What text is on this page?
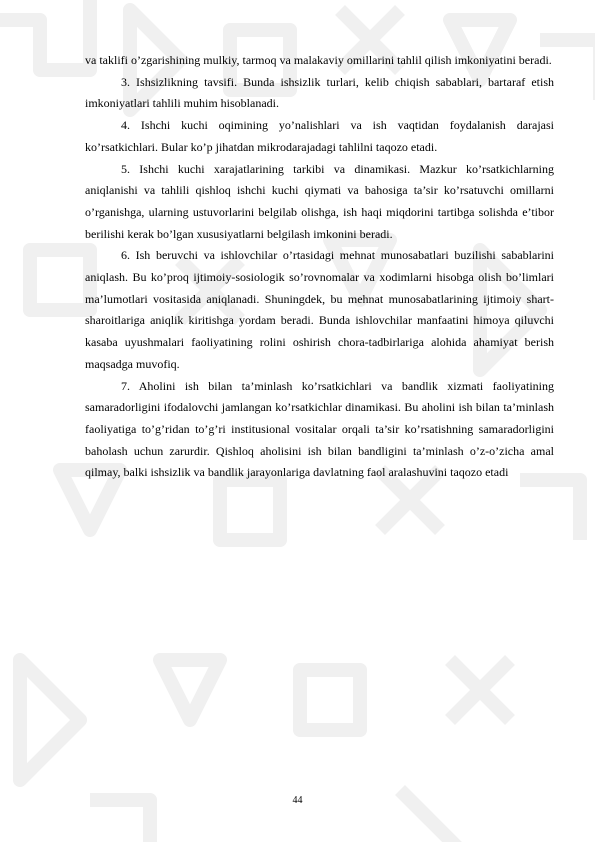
va taklifi o’zgarishining mulkiy, tarmoq va malakaviy omillarini tahlil qilish imkoniyatini beradi.

3. Ishsizlikning tavsifi. Bunda ishsizlik turlari, kelib chiqish sabablari, bartaraf etish imkoniyatlari tahlili muhim hisoblanadi.

4. Ishchi kuchi oqimining yo’nalishlari va ish vaqtidan foydalanish darajasi ko’rsatkichlari. Bular ko’p jihatdan mikrodarajadagi tahlilni taqozo etadi.

5. Ishchi kuchi xarajatlarining tarkibi va dinamikasi. Mazkur ko’rsatkichlarning aniqlanishi va tahlili qishloq ishchi kuchi qiymati va bahosiga ta’sir ko’rsatuvchi omillarni o’rganishga, ularning ustuvorlarini belgilab olishga, ish haqi miqdorini tartibga solishda e’tibor berilishi kerak bo’lgan xususiyatlarni belgilash imkonini beradi.

6. Ish beruvchi va ishlovchilar o’rtasidagi mehnat munosabatlari buzilishi sabablarini aniqlash. Bu ko’proq ijtimoiy-sosiologik so’rovnomalar va xodimlarni hisobga olish bo’limlari ma’lumotlari vositasida aniqlanadi. Shuningdek, bu mehnat munosabatlarining ijtimoiy shart-sharoitlariga aniqlik kiritishga yordam beradi. Bunda ishlovchilar manfaatini himoya qiluvchi kasaba uyushmalari faoliyatining rolini oshirish chora-tadbirlariga alohida ahamiyat berish maqsadga muvofiq.

7. Aholini ish bilan ta’minlash ko’rsatkichlari va bandlik xizmati faoliyatining samaradorligini ifodalovchi jamlangan ko’rsatkichlar dinamikasi. Bu aholini ish bilan ta’minlash faoliyatiga to’g’ridan to’g’ri institusional vositalar orqali ta’sir ko’rsatishning samaradorligini baholash uchun zarurdir. Qishloq aholisini ish bilan bandligini ta’minlash o’z-o’zicha amal qilmay, balki ishsizlik va bandlik jarayonlariga davlatning faol aralashuvini taqozo etadi

44
